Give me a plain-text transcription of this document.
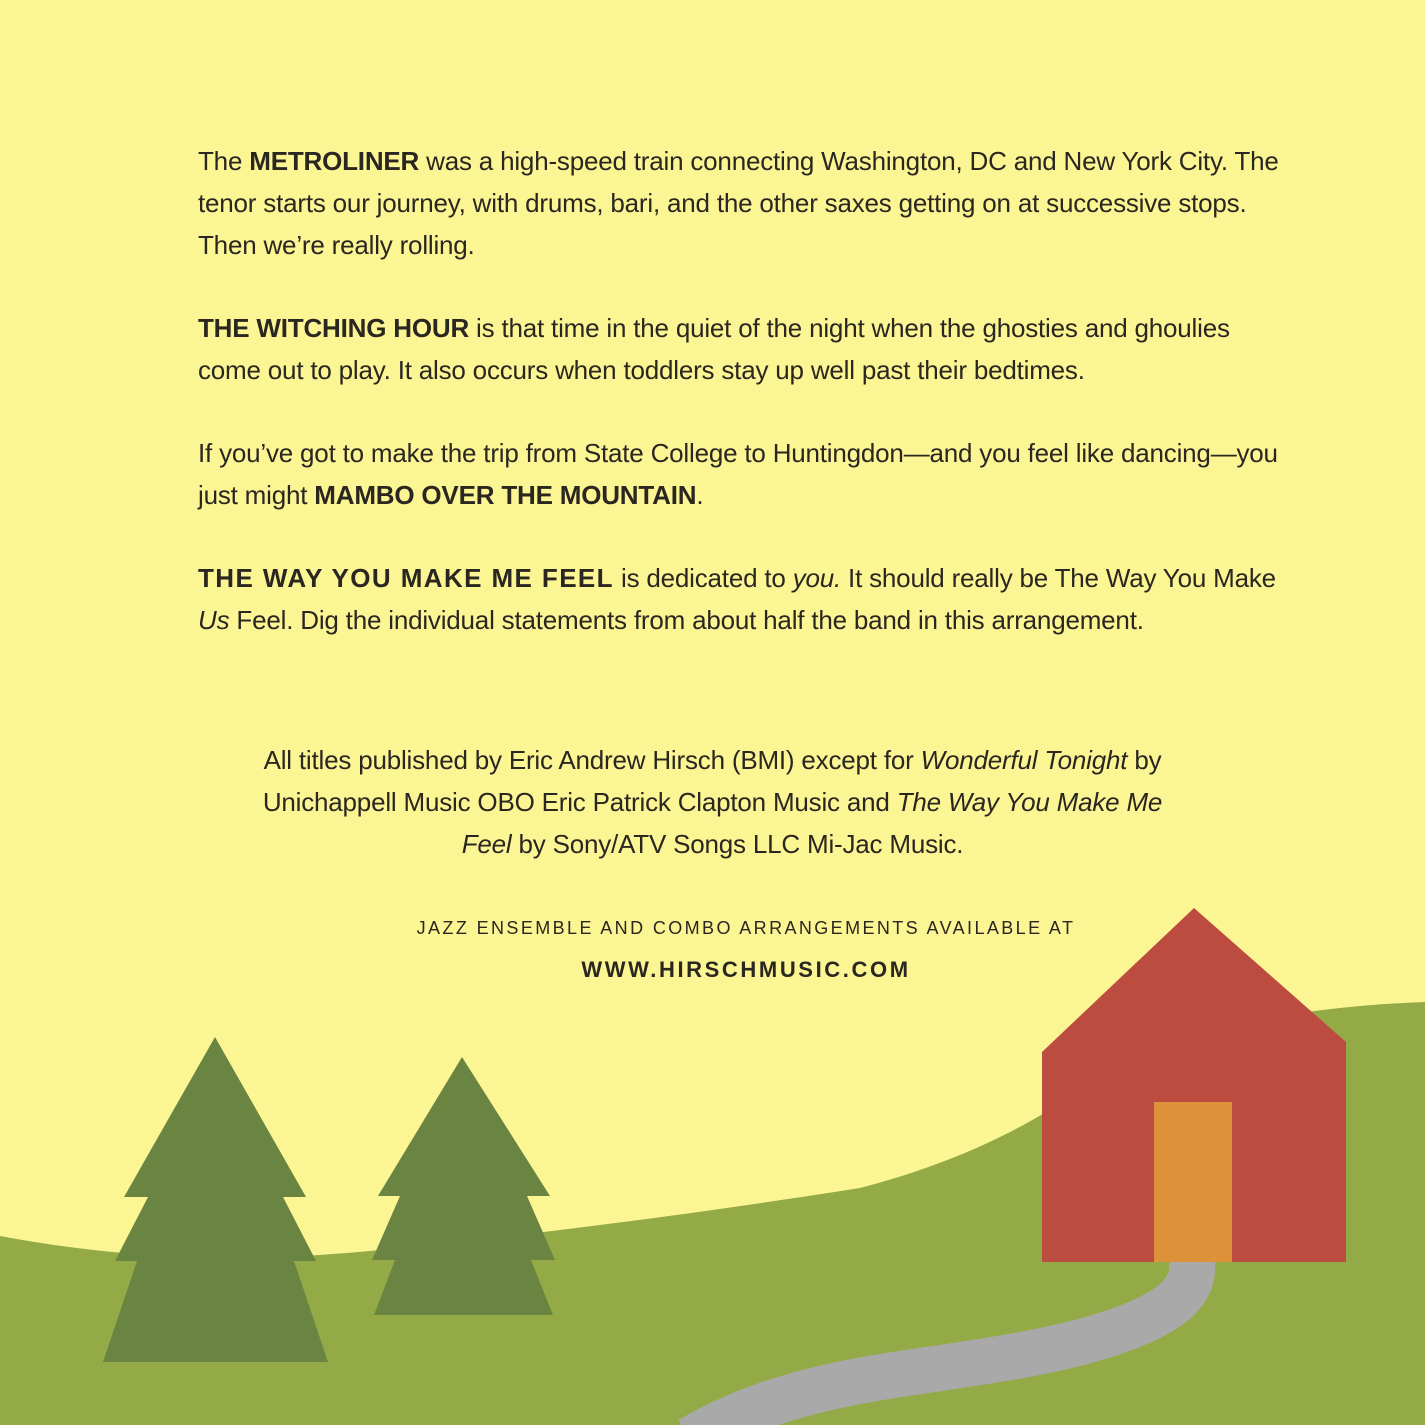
The METROLINER was a high-speed train connecting Washington, DC and New York City. The tenor starts our journey, with drums, bari, and the other saxes getting on at successive stops. Then we’re really rolling.

THE WITCHING HOUR is that time in the quiet of the night when the ghosties and ghoulies come out to play. It also occurs when toddlers stay up well past their bedtimes.

If you’ve got to make the trip from State College to Huntingdon—and you feel like dancing—you just might MAMBO OVER THE MOUNTAIN.

THE WAY YOU MAKE ME FEEL is dedicated to you. It should really be The Way You Make Us Feel. Dig the individual statements from about half the band in this arrangement.

All titles published by Eric Andrew Hirsch (BMI) except for Wonderful Tonight by Unichappell Music OBO Eric Patrick Clapton Music and The Way You Make Me Feel by Sony/ATV Songs LLC Mi-Jac Music.
JAZZ ENSEMBLE AND COMBO ARRANGEMENTS AVAILABLE AT
WWW.HIRSCHMUSIC.COM
